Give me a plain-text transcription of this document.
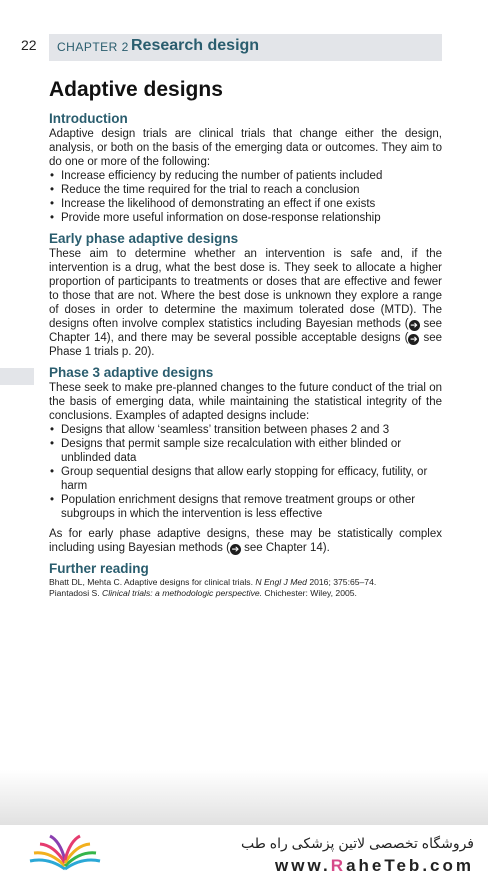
22 CHAPTER 2 Research design
Adaptive designs
Introduction

Adaptive design trials are clinical trials that change either the design, analysis, or both on the basis of the emerging data or outcomes. They aim to do one or more of the following:

• Increase efficiency by reducing the number of patients included
• Reduce the time required for the trial to reach a conclusion
• Increase the likelihood of demonstrating an effect if one exists
• Provide more useful information on dose-response relationship
Early phase adaptive designs

These aim to determine whether an intervention is safe and, if the intervention is a drug, what the best dose is. They seek to allocate a higher proportion of participants to treatments or doses that are effective and fewer to those that are not. Where the best dose is unknown they explore a range of doses in order to determine the maximum tolerated dose (MTD). The designs often involve complex statistics including Bayesian methods ( ➔ see Chapter 14), and there may be several possible acceptable designs ( ➔ see Phase 1 trials p. 20).

Phase 3 adaptive designs

These seek to make pre-planned changes to the future conduct of the trial on the basis of emerging data, while maintaining the statistical integrity of the conclusions. Examples of adapted designs include:

• Designs that allow ‘seamless’ transition between phases 2 and 3
• Designs that permit sample size recalculation with either blinded or unblinded data
• Group sequential designs that allow early stopping for efficacy, futility, or harm
• Population enrichment designs that remove treatment groups or other subgroups in which the intervention is less effective

As for early phase adaptive designs, these may be statistically complex including using Bayesian methods ( ➔ see Chapter 14).

Further reading
Bhatt DL, Mehta C. Adaptive designs for clinical trials. N Engl J Med 2016; 375:65–74.
Piantadosi S. Clinical trials: a methodologic perspective. Chichester: Wiley, 2005.
فروشگاه تخصصی لاتین پزشکی راه طب
www.RaheTeb.com
